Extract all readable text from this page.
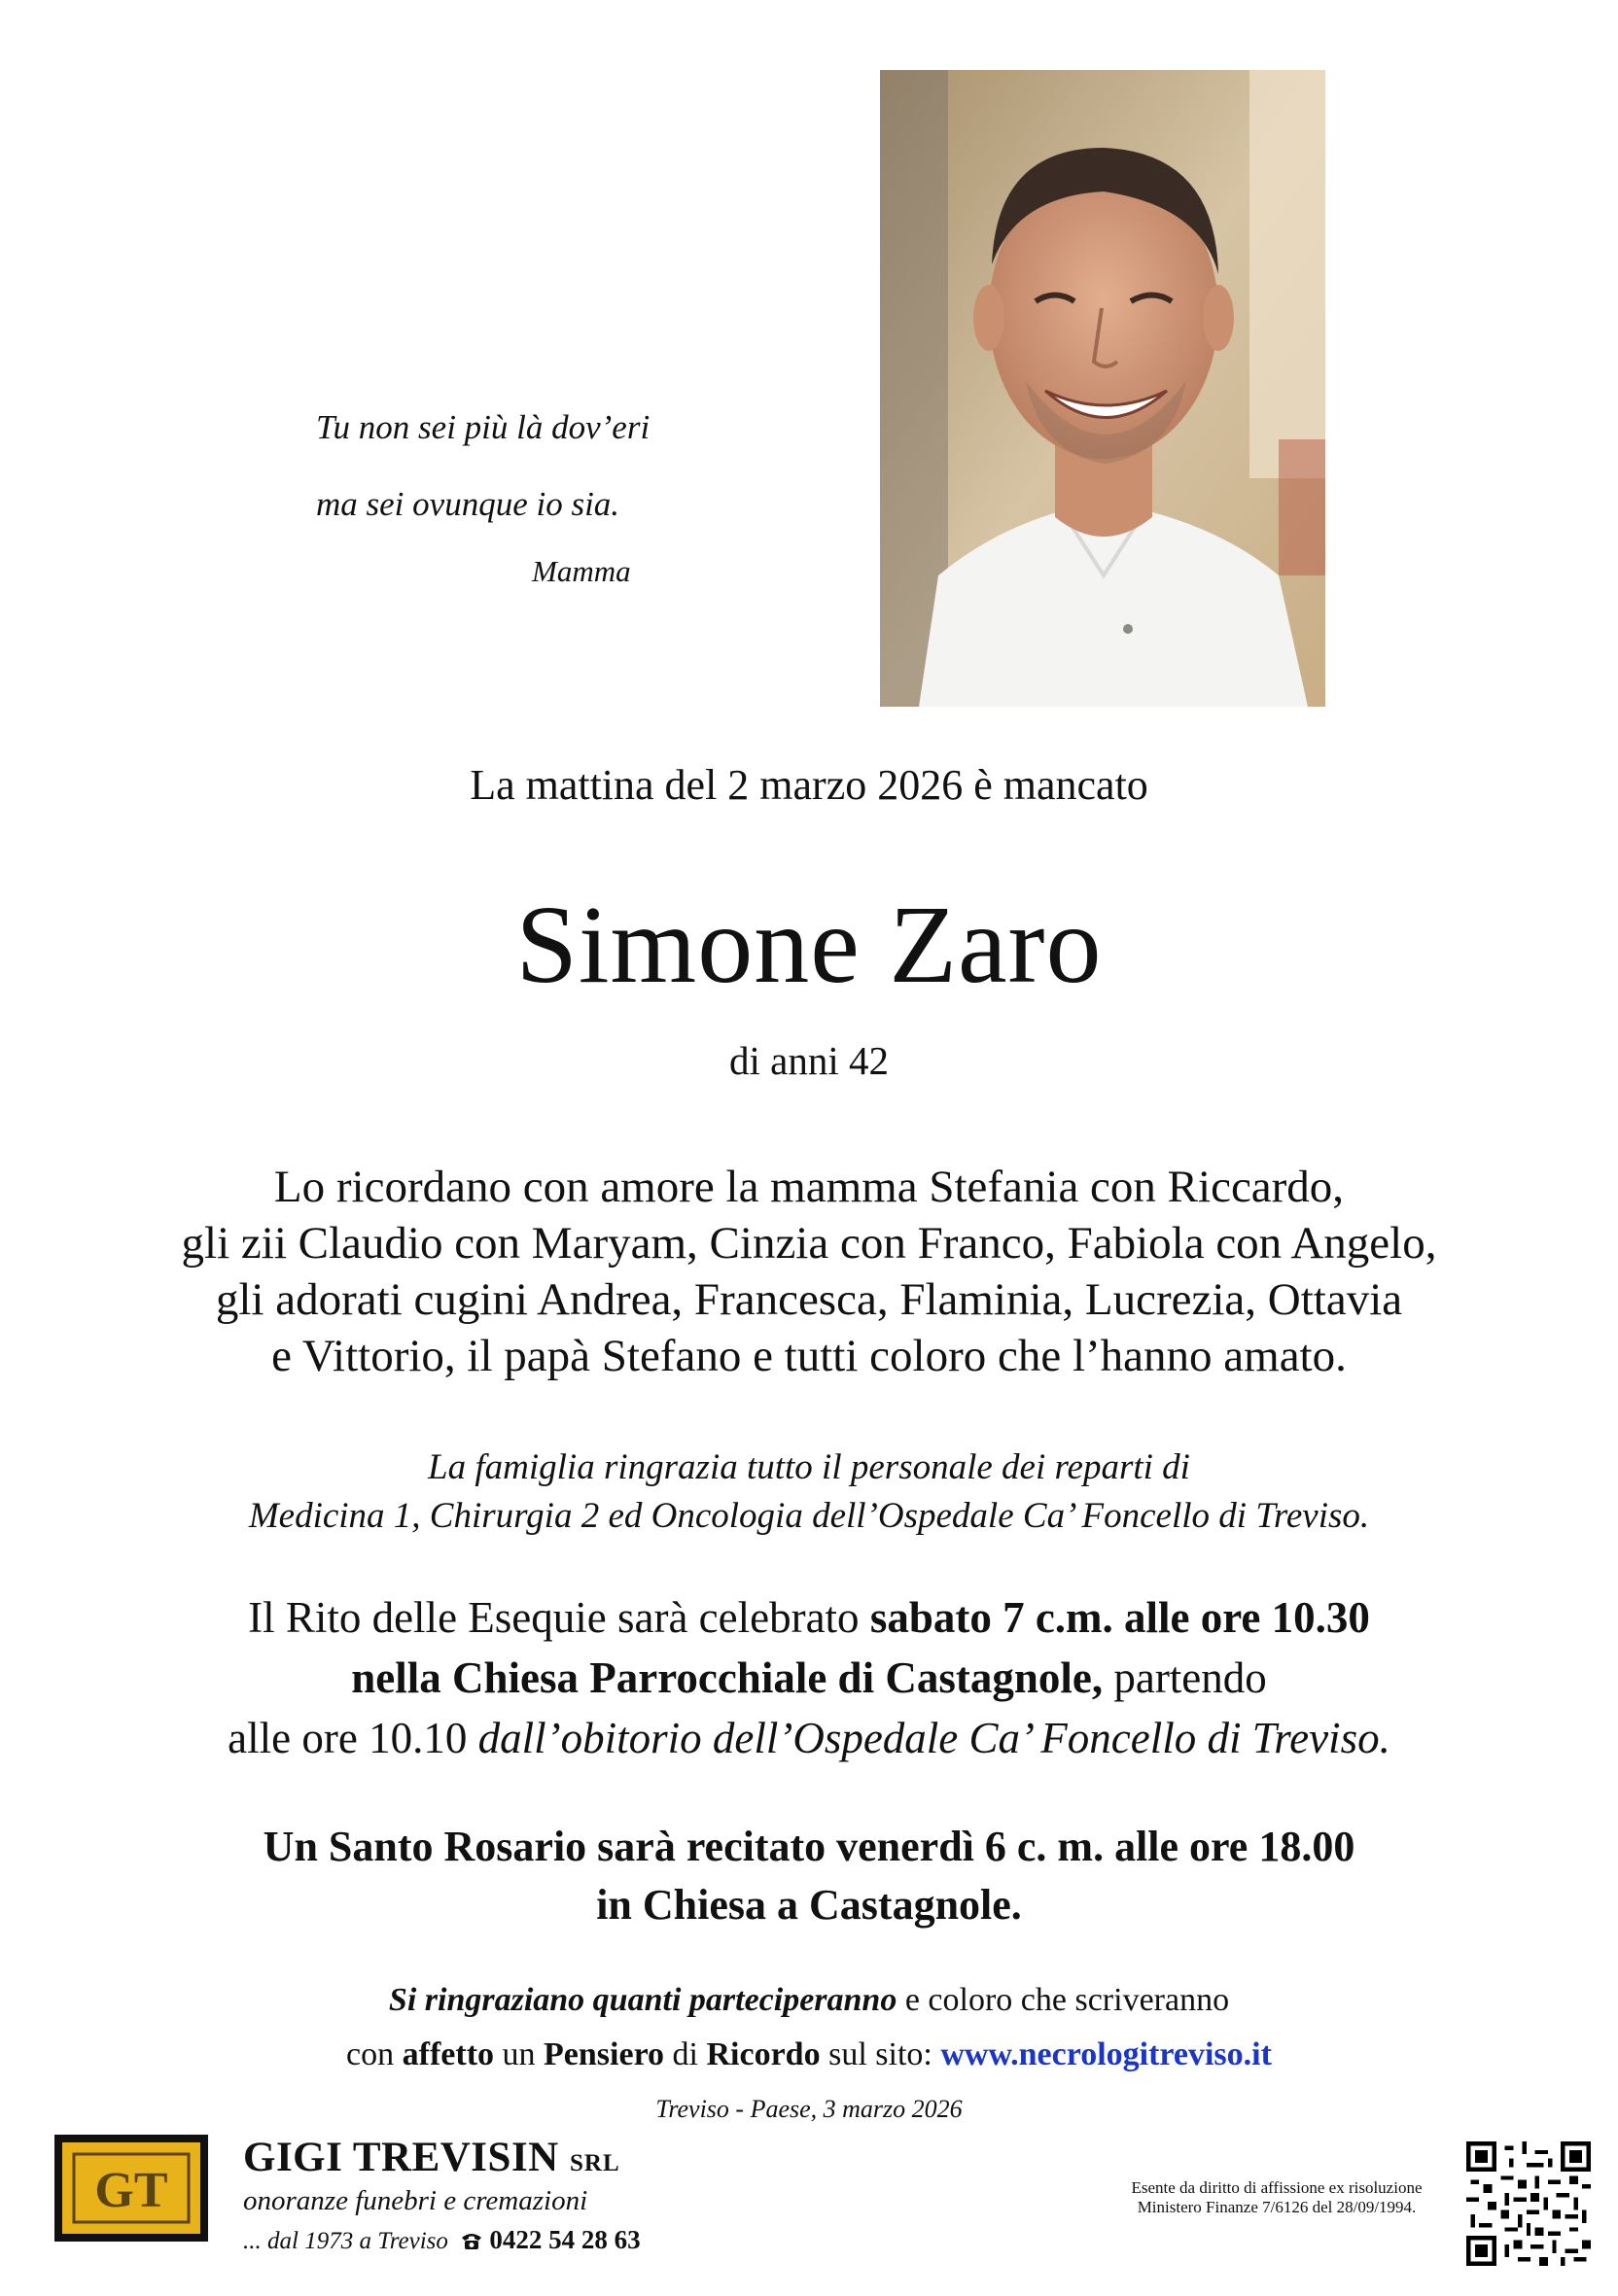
Tu non sei più là dov’eri
ma sei ovunque io sia.
Mamma
La mattina del 2 marzo 2026 è mancato
Simone Zaro
di anni 42
Lo ricordano con amore la mamma Stefania con Riccardo,
gli zii Claudio con Maryam, Cinzia con Franco, Fabiola con Angelo,
gli adorati cugini Andrea, Francesca, Flaminia, Lucrezia, Ottavia
e Vittorio, il papà Stefano e tutti coloro che l’hanno amato.
La famiglia ringrazia tutto il personale dei reparti di
Medicina 1, Chirurgia 2 ed Oncologia dell’Ospedale Ca’ Foncello di Treviso.
Il Rito delle Esequie sarà celebrato sabato 7 c.m. alle ore 10.30
nella Chiesa Parrocchiale di Castagnole, partendo
alle ore 10.10 dall’obitorio dell’Ospedale Ca’ Foncello di Treviso.
Un Santo Rosario sarà recitato venerdì 6 c. m. alle ore 18.00
in Chiesa a Castagnole.
Si ringraziano quanti parteciperanno e coloro che scriveranno
con affetto un Pensiero di Ricordo sul sito: www.necrologitreviso.it
Treviso - Paese, 3 marzo 2026
GT
GIGI TREVISIN SRL
onoranze funebri e cremazioni
... dal 1973 a Treviso 0422 54 28 63
Esente da diritto di affissione ex risoluzione
Ministero Finanze 7/6126 del 28/09/1994.
